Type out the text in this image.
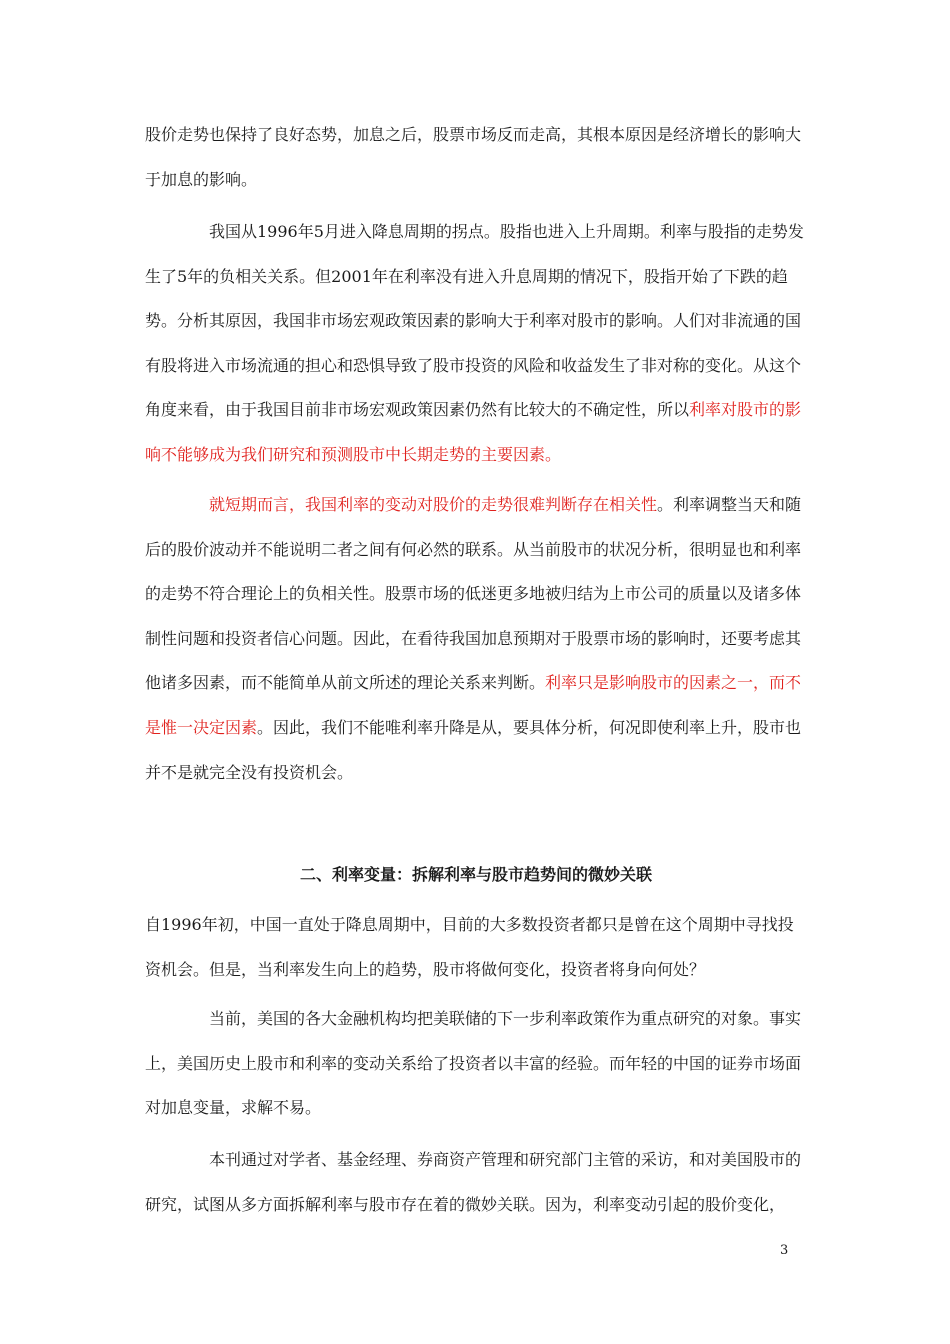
股价走势也保持了良好态势，加息之后，股票市场反而走高，其根本原因是经济增长的影响大于加息的影响。

我国从1996年5月进入降息周期的拐点。股指也进入上升周期。利率与股指的走势发生了5年的负相关关系。但2001年在利率没有进入升息周期的情况下，股指开始了下跌的趋势。分析其原因，我国非市场宏观政策因素的影响大于利率对股市的影响。人们对非流通的国有股将进入市场流通的担心和恐惧导致了股市投资的风险和收益发生了非对称的变化。从这个角度来看，由于我国目前非市场宏观政策因素仍然有比较大的不确定性，所以利率对股市的影响不能够成为我们研究和预测股市中长期走势的主要因素。

就短期而言，我国利率的变动对股价的走势很难判断存在相关性。利率调整当天和随后的股价波动并不能说明二者之间有何必然的联系。从当前股市的状况分析，很明显也和利率的走势不符合理论上的负相关性。股票市场的低迷更多地被归结为上市公司的质量以及诸多体制性问题和投资者信心问题。因此，在看待我国加息预期对于股票市场的影响时，还要考虑其他诸多因素，而不能简单从前文所述的理论关系来判断。利率只是影响股市的因素之一，而不是惟一决定因素。因此，我们不能唯利率升降是从，要具体分析，何况即使利率上升，股市也并不是就完全没有投资机会。

二、利率变量：拆解利率与股市趋势间的微妙关联

自1996年初，中国一直处于降息周期中，目前的大多数投资者都只是曾在这个周期中寻找投资机会。但是，当利率发生向上的趋势，股市将做何变化，投资者将身向何处？

当前，美国的各大金融机构均把美联储的下一步利率政策作为重点研究的对象。事实上，美国历史上股市和利率的变动关系给了投资者以丰富的经验。而年轻的中国的证券市场面对加息变量，求解不易。

本刊通过对学者、基金经理、券商资产管理和研究部门主管的采访，和对美国股市的研究，试图从多方面拆解利率与股市存在着的微妙关联。因为，利率变动引起的股价变化，

3
